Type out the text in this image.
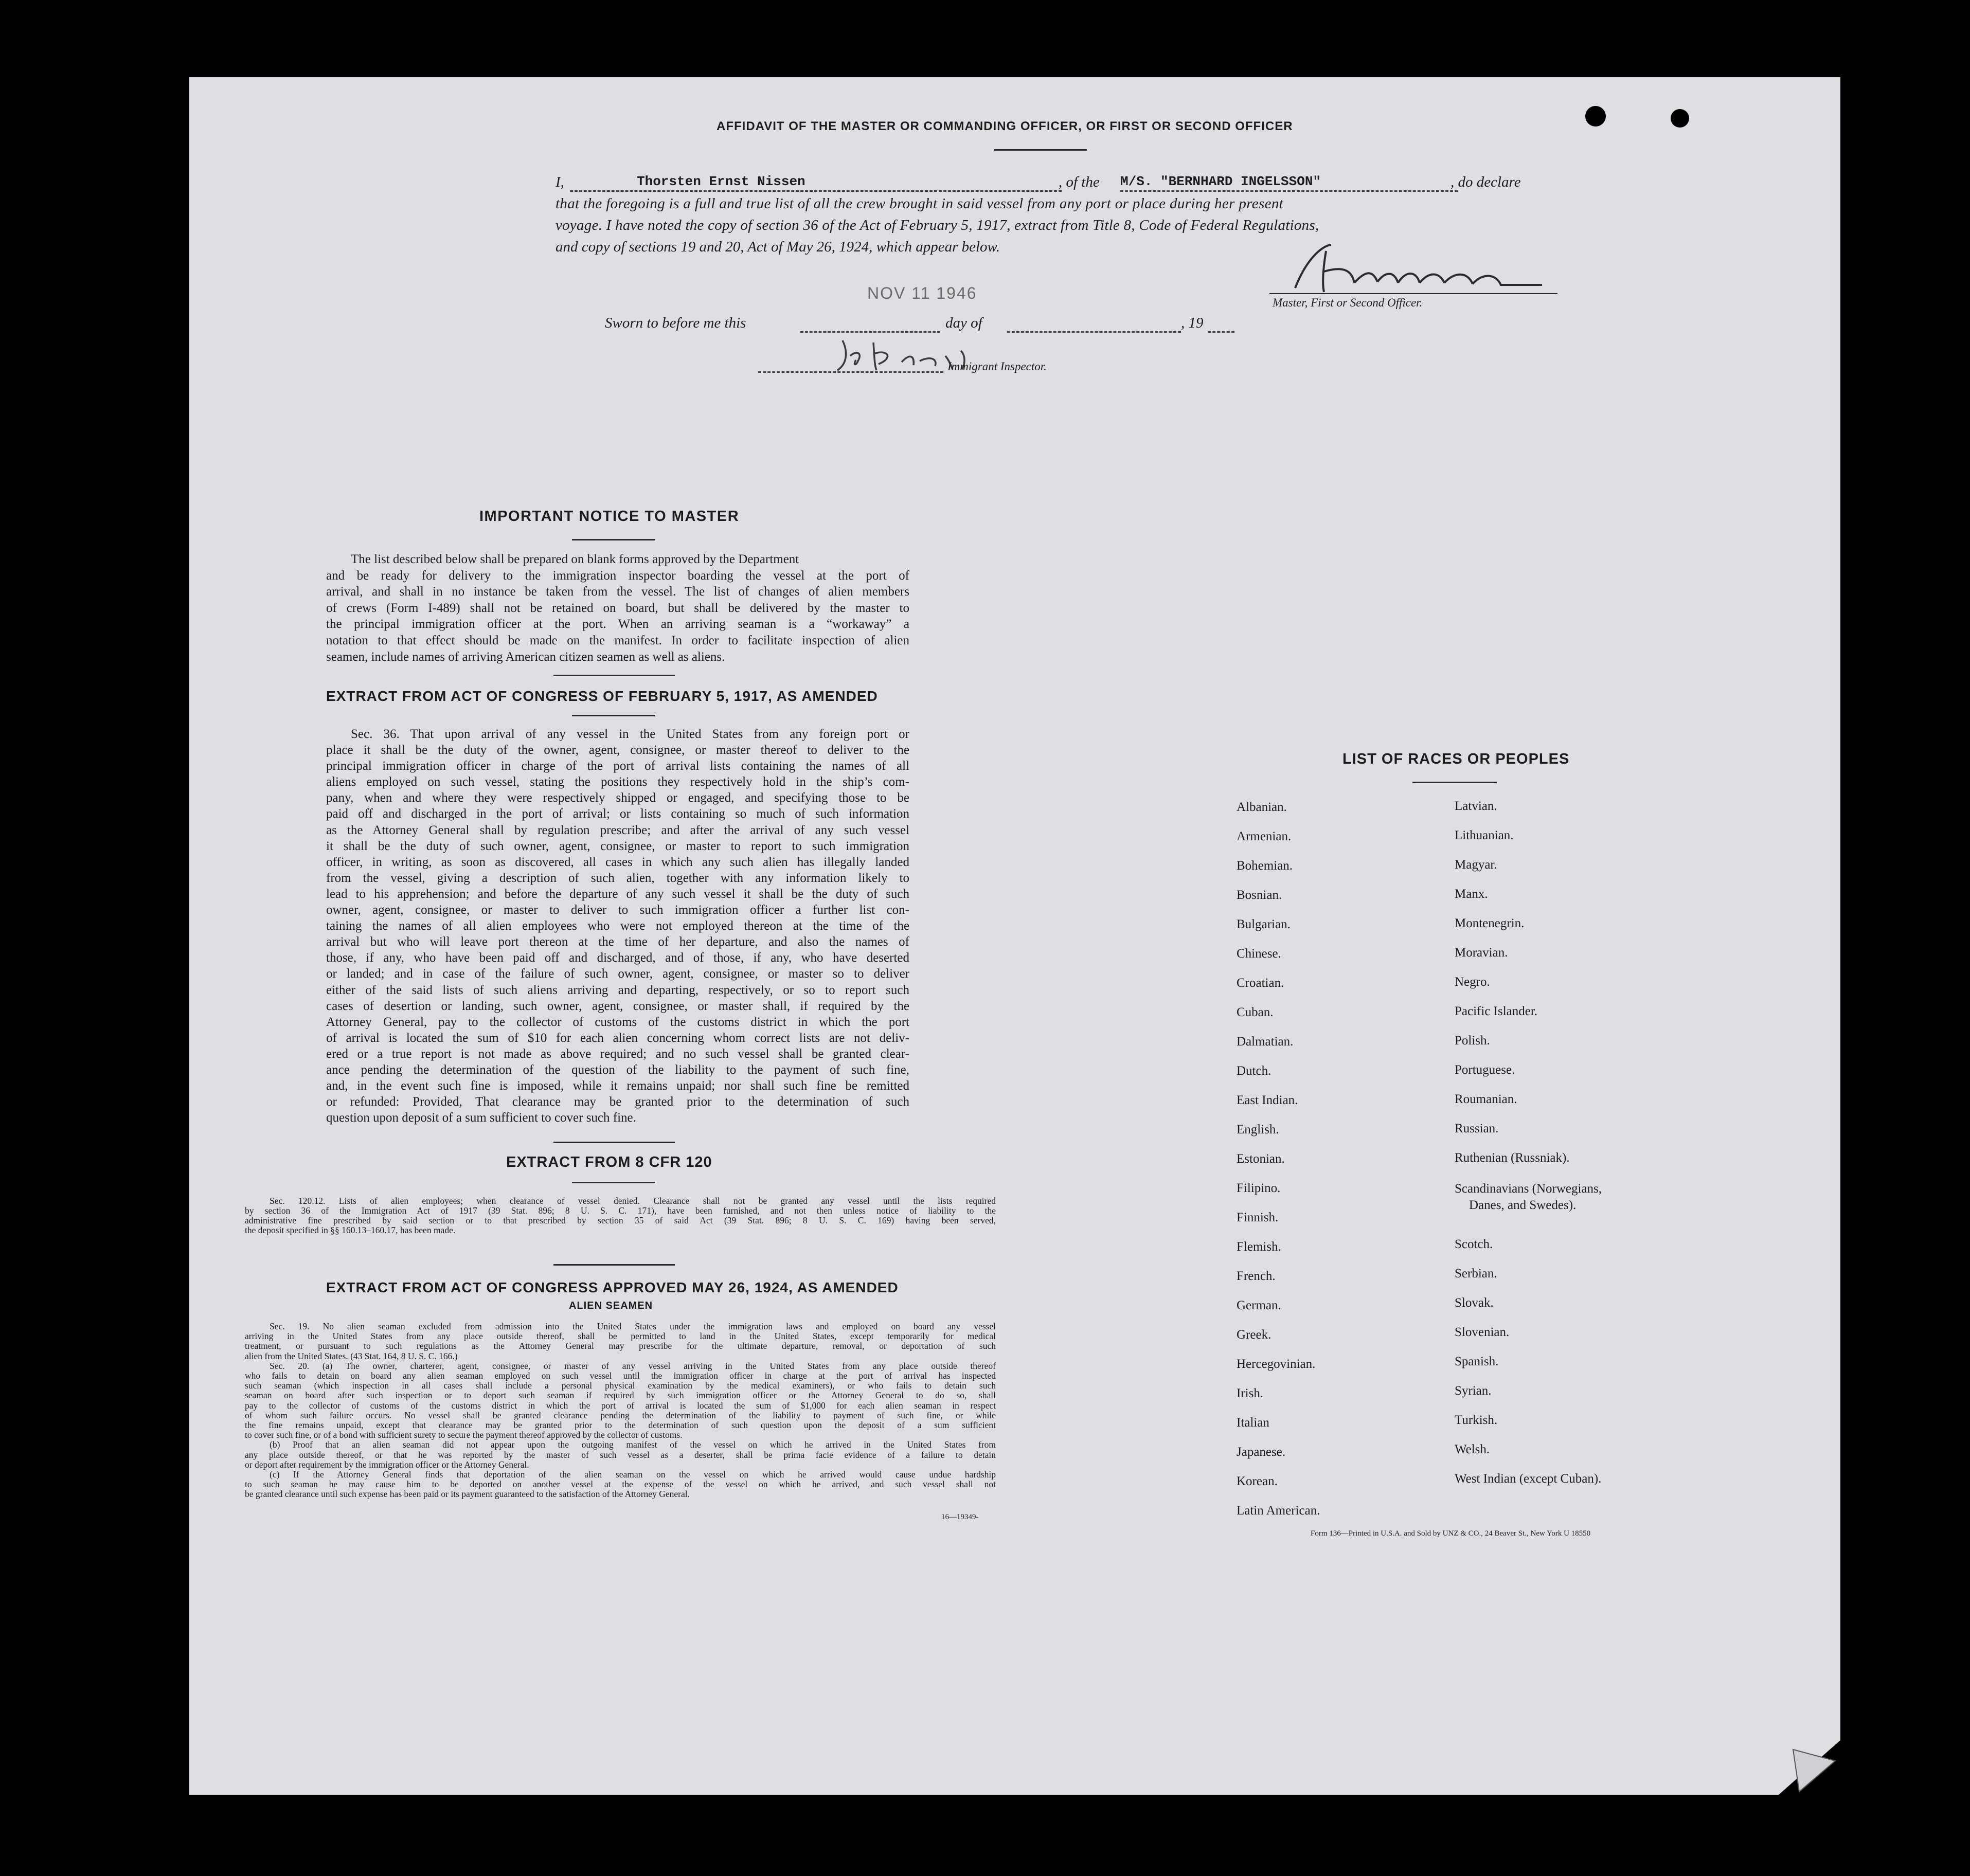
AFFIDAVIT OF THE MASTER OR COMMANDING OFFICER, OR FIRST OR SECOND OFFICER
I,	Thorsten Ernst Nissen	, of the M/S. "BERNHARD INGELSSON"	, do declare
that the foregoing is a full and true list of all the crew brought in said vessel from any port or place during her present
voyage. I have noted the copy of section 36 of the Act of February 5, 1917, extract from Title 8, Code of Federal Regulations,
and copy of sections 19 and 20, Act of May 26, 1924, which appear below.
Master, First or Second Officer.
NOV 11 1946
Sworn to before me this	day of	, 19
Immigrant Inspector.
IMPORTANT NOTICE TO MASTER
The list described below shall be prepared on blank forms approved by the Department
and be ready for delivery to the immigration inspector boarding the vessel at the port of
arrival, and shall in no instance be taken from the vessel. The list of changes of alien members
of crews (Form I-489) shall not be retained on board, but shall be delivered by the master to
the principal immigration officer at the port. When an arriving seaman is a “workaway” a
notation to that effect should be made on the manifest. In order to facilitate inspection of alien
seamen, include names of arriving American citizen seamen as well as aliens.
EXTRACT FROM ACT OF CONGRESS OF FEBRUARY 5, 1917, AS AMENDED
Sec. 36. That upon arrival of any vessel in the United States from any foreign port or
place it shall be the duty of the owner, agent, consignee, or master thereof to deliver to the
principal immigration officer in charge of the port of arrival lists containing the names of all
aliens employed on such vessel, stating the positions they respectively hold in the ship’s com-
pany, when and where they were respectively shipped or engaged, and specifying those to be
paid off and discharged in the port of arrival; or lists containing so much of such information
as the Attorney General shall by regulation prescribe; and after the arrival of any such vessel
it shall be the duty of such owner, agent, consignee, or master to report to such immigration
officer, in writing, as soon as discovered, all cases in which any such alien has illegally landed
from the vessel, giving a description of such alien, together with any information likely to
lead to his apprehension; and before the departure of any such vessel it shall be the duty of such
owner, agent, consignee, or master to deliver to such immigration officer a further list con-
taining the names of all alien employees who were not employed thereon at the time of the
arrival but who will leave port thereon at the time of her departure, and also the names of
those, if any, who have been paid off and discharged, and of those, if any, who have deserted
or landed; and in case of the failure of such owner, agent, consignee, or master so to deliver
either of the said lists of such aliens arriving and departing, respectively, or so to report such
cases of desertion or landing, such owner, agent, consignee, or master shall, if required by the
Attorney General, pay to the collector of customs of the customs district in which the port
of arrival is located the sum of $10 for each alien concerning whom correct lists are not deliv-
ered or a true report is not made as above required; and no such vessel shall be granted clear-
ance pending the determination of the question of the liability to the payment of such fine,
and, in the event such fine is imposed, while it remains unpaid; nor shall such fine be remitted
or refunded: Provided, That clearance may be granted prior to the determination of such
question upon deposit of a sum sufficient to cover such fine.
EXTRACT FROM 8 CFR 120
Sec. 120.12. Lists of alien employees; when clearance of vessel denied. Clearance shall not be granted any vessel until the lists required
by section 36 of the Immigration Act of 1917 (39 Stat. 896; 8 U. S. C. 171), have been furnished, and not then unless notice of liability to the
administrative fine prescribed by said section or to that prescribed by section 35 of said Act (39 Stat. 896; 8 U. S. C. 169) having been served,
the deposit specified in §§ 160.13–160.17, has been made.
EXTRACT FROM ACT OF CONGRESS APPROVED MAY 26, 1924, AS AMENDED
ALIEN SEAMEN
Sec. 19. No alien seaman excluded from admission into the United States under the immigration laws and employed on board any vessel
arriving in the United States from any place outside thereof, shall be permitted to land in the United States, except temporarily for medical
treatment, or pursuant to such regulations as the Attorney General may prescribe for the ultimate departure, removal, or deportation of such
alien from the United States. (43 Stat. 164, 8 U. S. C. 166.)
Sec. 20. (a) The owner, charterer, agent, consignee, or master of any vessel arriving in the United States from any place outside thereof
who fails to detain on board any alien seaman employed on such vessel until the immigration officer in charge at the port of arrival has inspected
such seaman (which inspection in all cases shall include a personal physical examination by the medical examiners), or who fails to detain such
seaman on board after such inspection or to deport such seaman if required by such immigration officer or the Attorney General to do so, shall
pay to the collector of customs of the customs district in which the port of arrival is located the sum of $1,000 for each alien seaman in respect
of whom such failure occurs. No vessel shall be granted clearance pending the determination of the liability to payment of such fine, or while
the fine remains unpaid, except that clearance may be granted prior to the determination of such question upon the deposit of a sum sufficient
to cover such fine, or of a bond with sufficient surety to secure the payment thereof approved by the collector of customs.
(b) Proof that an alien seaman did not appear upon the outgoing manifest of the vessel on which he arrived in the United States from
any place outside thereof, or that he was reported by the master of such vessel as a deserter, shall be prima facie evidence of a failure to detain
or deport after requirement by the immigration officer or the Attorney General.
(c) If the Attorney General finds that deportation of the alien seaman on the vessel on which he arrived would cause undue hardship
to such seaman he may cause him to be deported on another vessel at the expense of the vessel on which he arrived, and such vessel shall not
be granted clearance until such expense has been paid or its payment guaranteed to the satisfaction of the Attorney General.
16—19349-
LIST OF RACES OR PEOPLES
Albanian.
Armenian.
Bohemian.
Bosnian.
Bulgarian.
Chinese.
Croatian.
Cuban.
Dalmatian.
Dutch.
East Indian.
English.
Estonian.
Filipino.
Finnish.
Flemish.
French.
German.
Greek.
Hercegovinian.
Irish.
Italian
Japanese.
Korean.
Latin American.
Latvian.
Lithuanian.
Magyar.
Manx.
Montenegrin.
Moravian.
Negro.
Pacific Islander.
Polish.
Portuguese.
Roumanian.
Russian.
Ruthenian (Russniak).
Scandinavians (Norwegians,
Danes, and Swedes).
Scotch.
Serbian.
Slovak.
Slovenian.
Spanish.
Syrian.
Turkish.
Welsh.
West Indian (except Cuban).
Form 136—Printed in U.S.A. and Sold by UNZ & CO., 24 Beaver St., New York U 18550
